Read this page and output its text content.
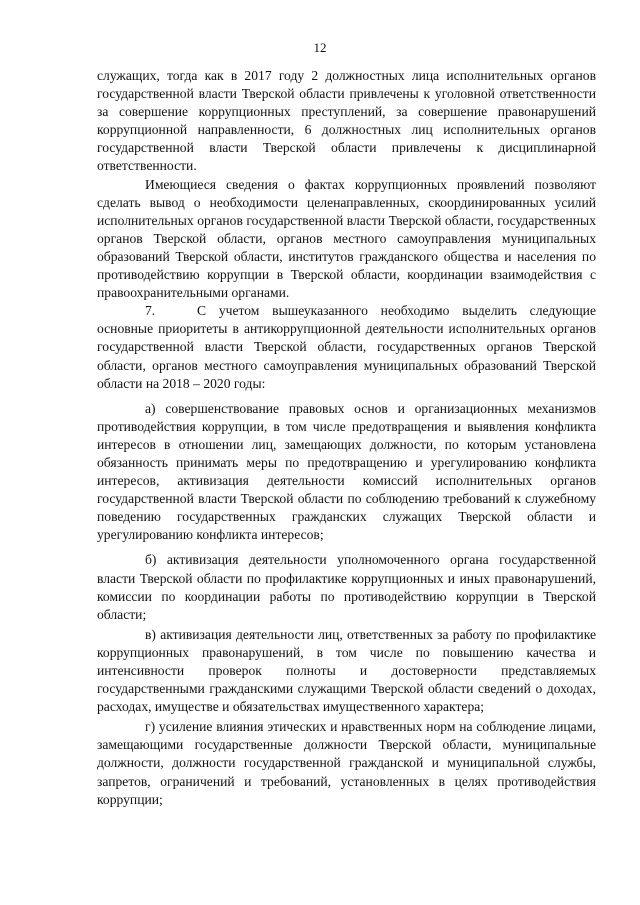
12

служащих, тогда как в 2017 году 2 должностных лица исполнительных органов государственной власти Тверской области привлечены к уголовной ответственности за совершение коррупционных преступлений, за совершение правонарушений коррупционной направленности, 6 должностных лиц исполнительных органов государственной власти Тверской области привлечены к дисциплинарной ответственности.

Имеющиеся сведения о фактах коррупционных проявлений позволяют сделать вывод о необходимости целенаправленных, скоординированных усилий исполнительных органов государственной власти Тверской области, государственных органов Тверской области, органов местного самоуправления муниципальных образований Тверской области, институтов гражданского общества и населения по противодействию коррупции в Тверской области, координации взаимодействия с правоохранительными органами.

7.	С учетом вышеуказанного необходимо выделить следующие основные приоритеты в антикоррупционной деятельности исполнительных органов государственной власти Тверской области, государственных органов Тверской области, органов местного самоуправления муниципальных образований Тверской области на 2018 – 2020 годы:

а) совершенствование правовых основ и организационных механизмов противодействия коррупции, в том числе предотвращения и выявления конфликта интересов в отношении лиц, замещающих должности, по которым установлена обязанность принимать меры по предотвращению и урегулированию конфликта интересов, активизация деятельности комиссий исполнительных органов государственной власти Тверской области по соблюдению требований к служебному поведению государственных гражданских служащих Тверской области и урегулированию конфликта интересов;

б) активизация деятельности уполномоченного органа государственной власти Тверской области по профилактике коррупционных и иных правонарушений, комиссии по координации работы по противодействию коррупции в Тверской области;

в) активизация деятельности лиц, ответственных за работу по профилактике коррупционных правонарушений, в том числе по повышению качества и интенсивности проверок полноты и достоверности представляемых государственными гражданскими служащими Тверской области сведений о доходах, расходах, имуществе и обязательствах имущественного характера;

г) усиление влияния этических и нравственных норм на соблюдение лицами, замещающими государственные должности Тверской области, муниципальные должности, должности государственной гражданской и муниципальной службы, запретов, ограничений и требований, установленных в целях противодействия коррупции;
